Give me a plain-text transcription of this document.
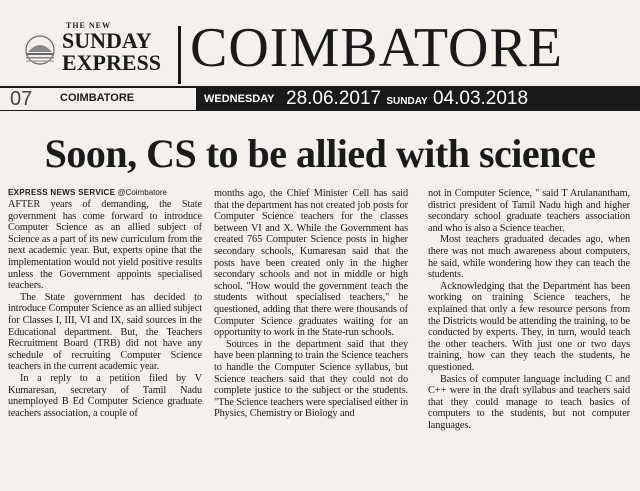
THE NEW
SUNDAY
EXPRESS COIMBATORE
07	COIMBATORE	WEDNESDAY 28.06.2017 SUNDAY 04.03.2018
Soon, CS to be allied with science
EXPRESS NEWS SERVICE @Coimbatore

AFTER years of demanding, the State government has come forward to introduce Computer Science as an allied subject of Science as a part of its new curriculum from the next academic year. But, experts opine that the implementation would not yield positive results unless the Government appoints specialised teachers.

The State government has decided to introduce Computer Science as an allied subject for Classes I, III, VI and IX, said sources in the Educational department. But, the Teachers Recruitment Board (TRB) did not have any schedule of recruiting Computer Science teachers in the current academic year.

In a reply to a petition filed by V Kumaresan, secretary of Tamil Nadu unemployed B Ed Computer Science graduate teachers association, a couple of

months ago, the Chief Minister Cell has said that the department has not created job posts for Computer Science teachers for the classes between VI and X. While the Government has created 765 Computer Science posts in higher secondary schools, Kumaresan said that the posts have been created only in the higher secondary schools and not in middle or high school. "How would the government teach the students without specialised teachers," he questioned, adding that there were thousands of Computer Science graduates waiting for an opportunity to work in the State-run schools.

Sources in the department said that they have been planning to train the Science teachers to handle the Computer Science syllabus, but Science teachers said that they could not do complete justice to the subject or the students. "The Science teachers were specialised either in Physics, Chemistry or Biology and

not in Computer Science, " said T Arulanantham, district president of Tamil Nadu high and higher secondary school graduate teachers association and who is also a Science teacher.

Most teachers graduated decades ago, when there was not much awareness about computers, he said, while wondering how they can teach the students.

Acknowledging that the Department has been working on training Science teachers, he explained that only a few resource persons from the Districts would be attending the training, to be conducted by experts. They, in turn, would teach the other teachers. With just one or two days training, how can they teach the students, he questioned.

Basics of computer language including C and C++ were in the draft syllabus and teachers said that they could manage to teach basics of computers to the students, but not computer languages.
